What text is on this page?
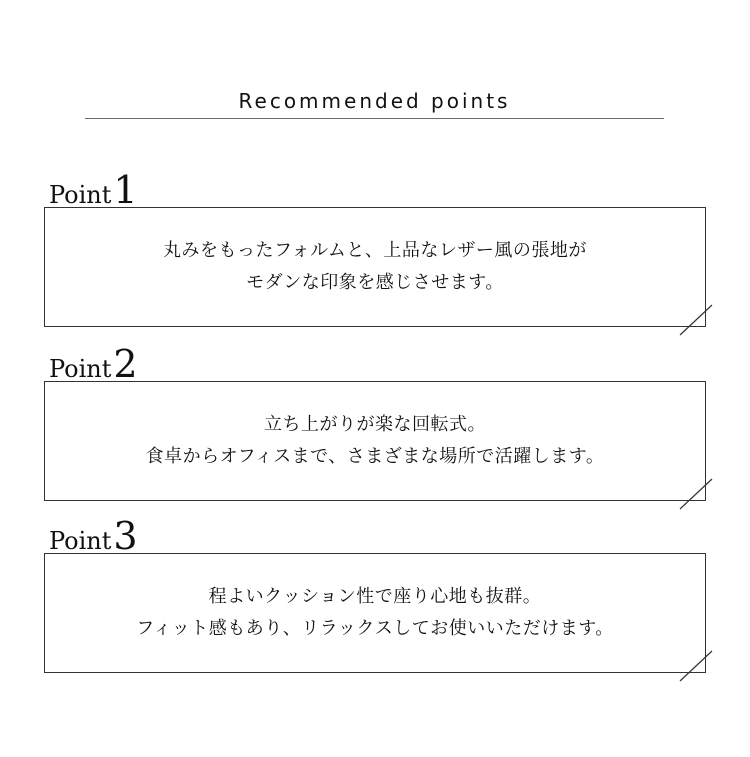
Recommended points
Point1

丸みをもったフォルムと、上品なレザー風の張地が

モダンな印象を感じさせます。

Point2

立ち上がりが楽な回転式。

食卓からオフィスまで、さまざまな場所で活躍します。

Point3

程よいクッション性で座り心地も抜群。

フィット感もあり、リラックスしてお使いいただけます。
